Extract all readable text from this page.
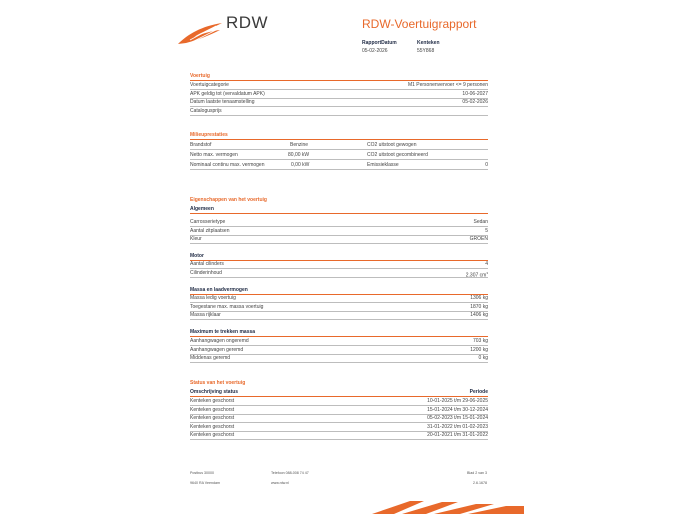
RDW	RDW-Voertuigrapport
RapportDatum
05-02-2026
Kenteken
55Y868
Voertuig
Voertuigcategorie	M1 Personenvervoer <= 9 personen
APK geldig tot (vervaldatum APK)	10-06-2027
Datum laatste tenaamstelling	05-02-2026
Catalogusprijs
Milieuprestaties
Brandstof	Benzine	CO2 uitstoot gewogen
Netto max. vermogen	80,00 kW	CO2 uitstoot gecombineerd
Nominaal continu max. vermogen	0,00 kW	Emissieklasse	0
Eigenschappen van het voertuig
Algemeen
Carrosserietype	Sedan
Aantal zitplaatsen	5
Kleur	GROEN
Motor
Aantal cilinders	4
Cilinderinhoud	2.307 $cm^3$
Massa en laadvermogen
Massa ledig voertuig	1306 kg
Toegestane max. massa voertuig	1870 kg
Massa rijklaar	1406 kg
Maximum te trekken massa
Aanhangwagen ongeremd	703 kg
Aanhangwagen geremd	1200 kg
Middenas geremd	0 kg
Status van het voertuig
Omschrijving status	Periode
Kenteken geschorst	10-01-2025 t/m 29-06-2025
Kenteken geschorst	15-01-2024 t/m 30-12-2024
Kenteken geschorst	05-02-2023 t/m 15-01-2024
Kenteken geschorst	31-01-2022 t/m 01-02-2023
Kenteken geschorst	20-01-2021 t/m 31-01-2022
Postbus 30000
9640 RA Veendam
Telefoon 088-008 74 47
www.rdw.nl
Blad 2 van 3
2.6.1678
